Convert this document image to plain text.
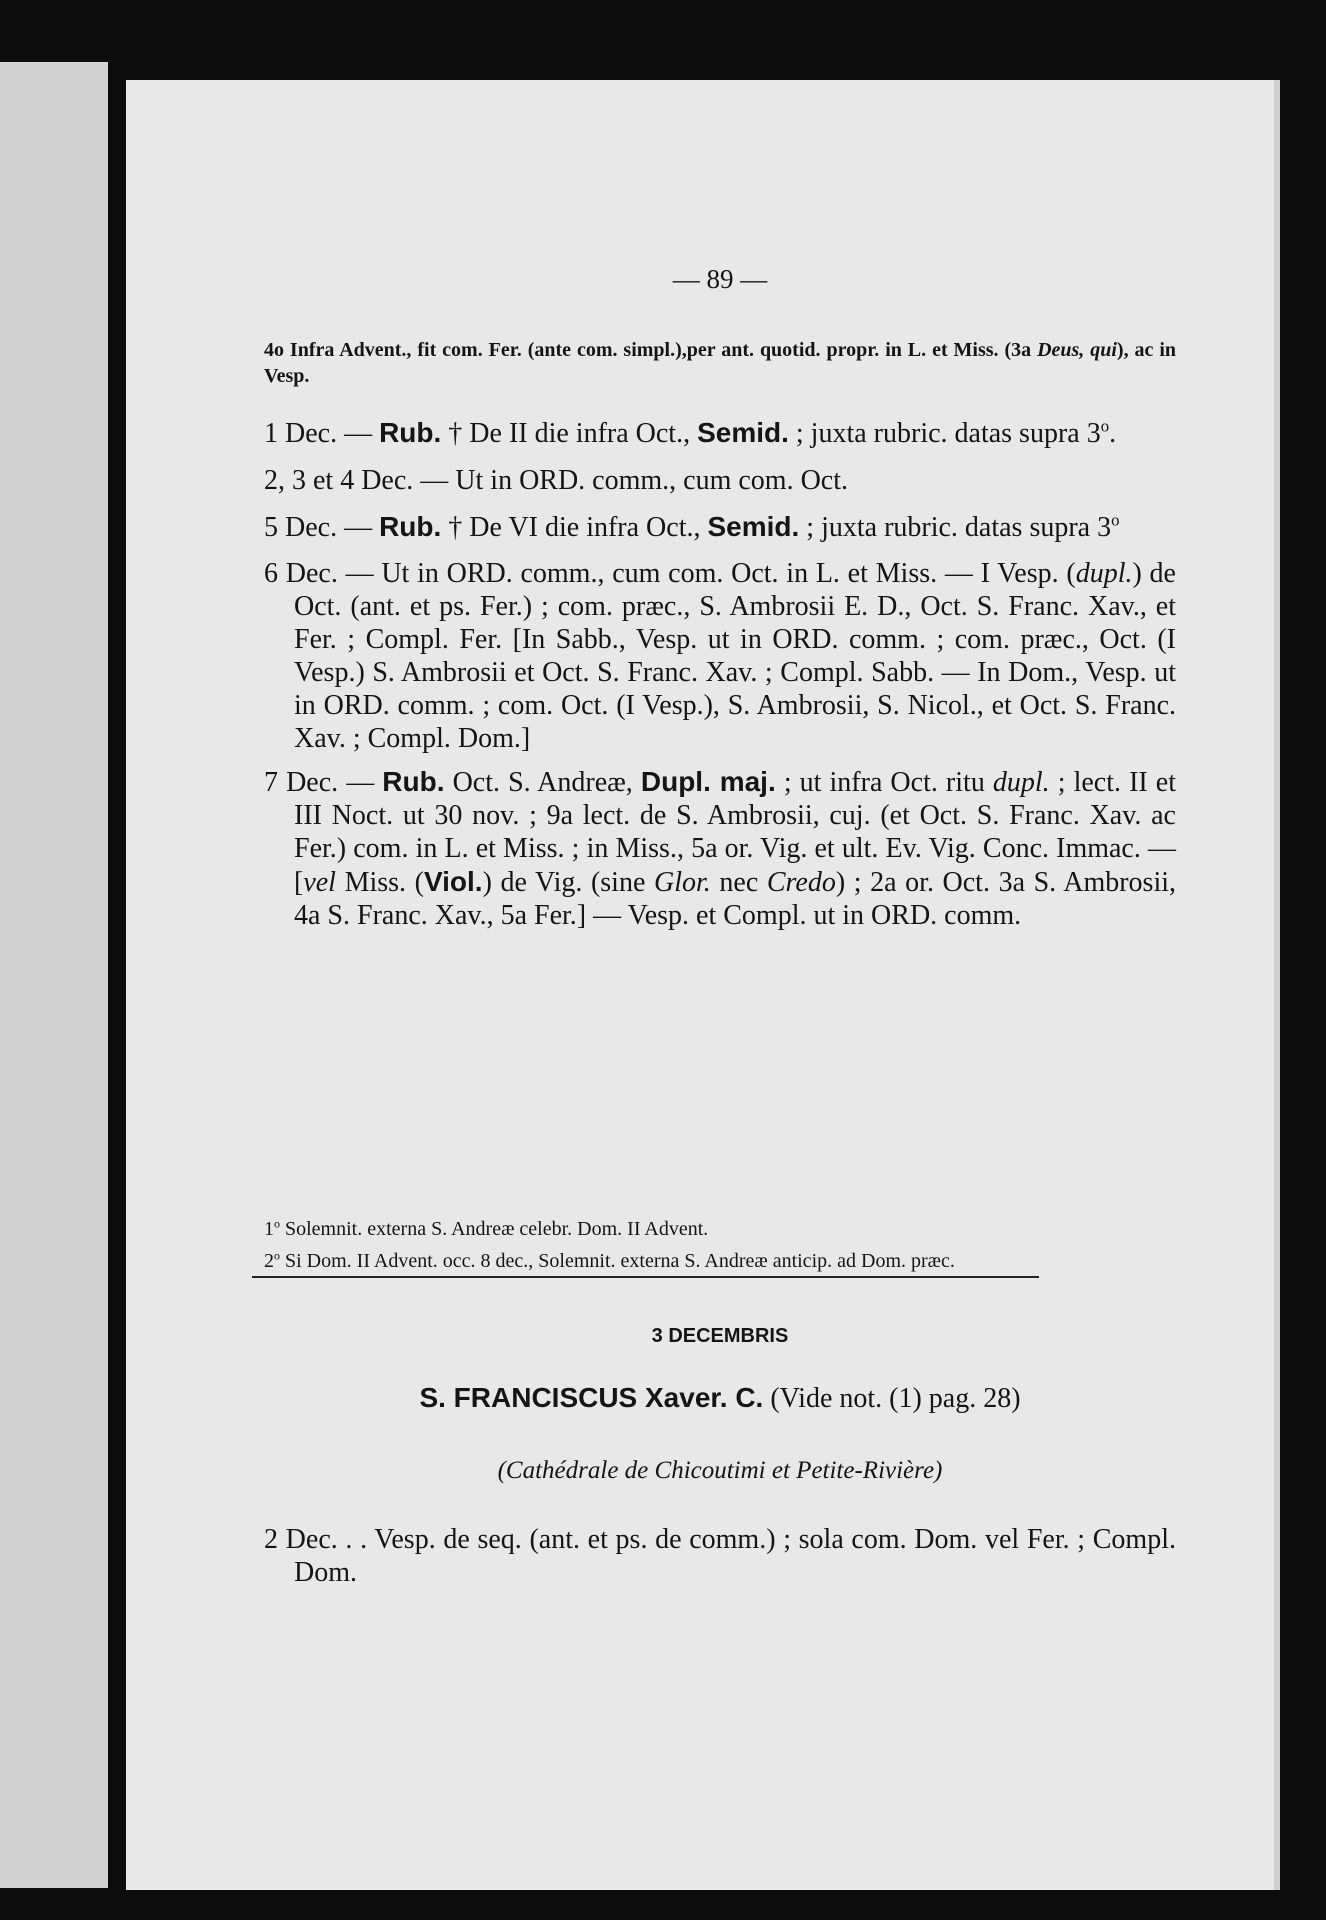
— 89 —

4o Infra Advent., fit com. Fer. (ante com. simpl.),per ant. quotid. propr. in L. et Miss. (3a Deus, qui), ac in Vesp.

1 Dec. — Rub. † De II die infra Oct., Semid. ; juxta rubric. datas supra 3$^o$.

2, 3 et 4 Dec. — Ut in ORD. comm., cum com. Oct.

5 Dec. — Rub. † De VI die infra Oct., Semid. ; juxta rubric. datas supra 3$^o$

6 Dec. — Ut in ORD. comm., cum com. Oct. in L. et Miss. — I Vesp. (dupl.) de Oct. (ant. et ps. Fer.) ; com. præc., S. Ambrosii E. D., Oct. S. Franc. Xav., et Fer. ; Compl. Fer. [In Sabb., Vesp. ut in ORD. comm. ; com. præc., Oct. (I Vesp.) S. Ambrosii et Oct. S. Franc. Xav. ; Compl. Sabb. — In Dom., Vesp. ut in ORD. comm. ; com. Oct. (I Vesp.), S. Ambrosii, S. Nicol., et Oct. S. Franc. Xav. ; Compl. Dom.]

7 Dec. — Rub. Oct. S. Andreæ, Dupl. maj. ; ut infra Oct. ritu dupl. ; lect. II et III Noct. ut 30 nov. ; 9a lect. de S. Ambrosii, cuj. (et Oct. S. Franc. Xav. ac Fer.) com. in L. et Miss. ; in Miss., 5a or. Vig. et ult. Ev. Vig. Conc. Immac. — [vel Miss. (Viol.) de Vig. (sine Glor. nec Credo) ; 2a or. Oct. 3a S. Ambrosii, 4a S. Franc. Xav., 5a Fer.] — Vesp. et Compl. ut in ORD. comm.

1$^o$ Solemnit. externa S. Andreæ celebr. Dom. II Advent.

2$^o$ Si Dom. II Advent. occ. 8 dec., Solemnit. externa S. Andreæ anticip. ad Dom. præc.

3 DECEMBRIS
S. FRANCISCUS Xaver. C. (Vide not. (1) pag. 28)
(Cathédrale de Chicoutimi et Petite-Rivière)

2 Dec. . . Vesp. de seq. (ant. et ps. de comm.) ; sola com. Dom. vel Fer. ; Compl. Dom.
